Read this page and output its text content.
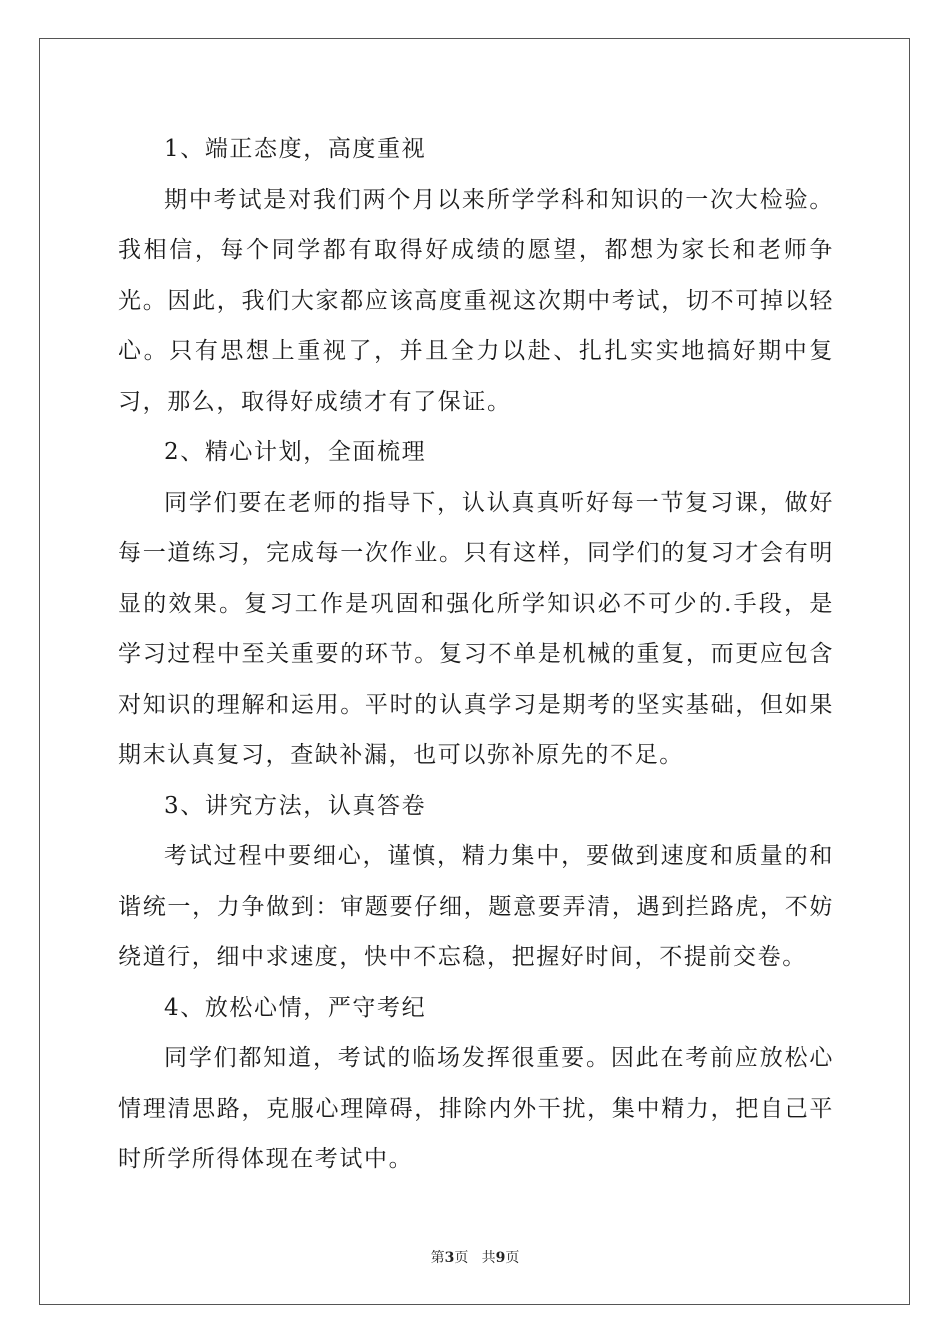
1、端正态度，高度重视

期中考试是对我们两个月以来所学学科和知识的一次大检验。我相信，每个同学都有取得好成绩的愿望，都想为家长和老师争光。因此，我们大家都应该高度重视这次期中考试，切不可掉以轻心。只有思想上重视了，并且全力以赴、扎扎实实地搞好期中复习，那么，取得好成绩才有了保证。

2、精心计划，全面梳理

同学们要在老师的指导下，认认真真听好每一节复习课，做好每一道练习，完成每一次作业。只有这样，同学们的复习才会有明显的效果。复习工作是巩固和强化所学知识必不可少的.手段，是学习过程中至关重要的环节。复习不单是机械的重复，而更应包含对知识的理解和运用。平时的认真学习是期考的坚实基础，但如果期末认真复习，查缺补漏，也可以弥补原先的不足。

3、讲究方法，认真答卷

考试过程中要细心，谨慎，精力集中，要做到速度和质量的和谐统一，力争做到：审题要仔细，题意要弄清，遇到拦路虎，不妨绕道行，细中求速度，快中不忘稳，把握好时间，不提前交卷。

4、放松心情，严守考纪

同学们都知道，考试的临场发挥很重要。因此在考前应放松心情理清思路，克服心理障碍，排除内外干扰，集中精力，把自己平时所学所得体现在考试中。

第3页 共9页
